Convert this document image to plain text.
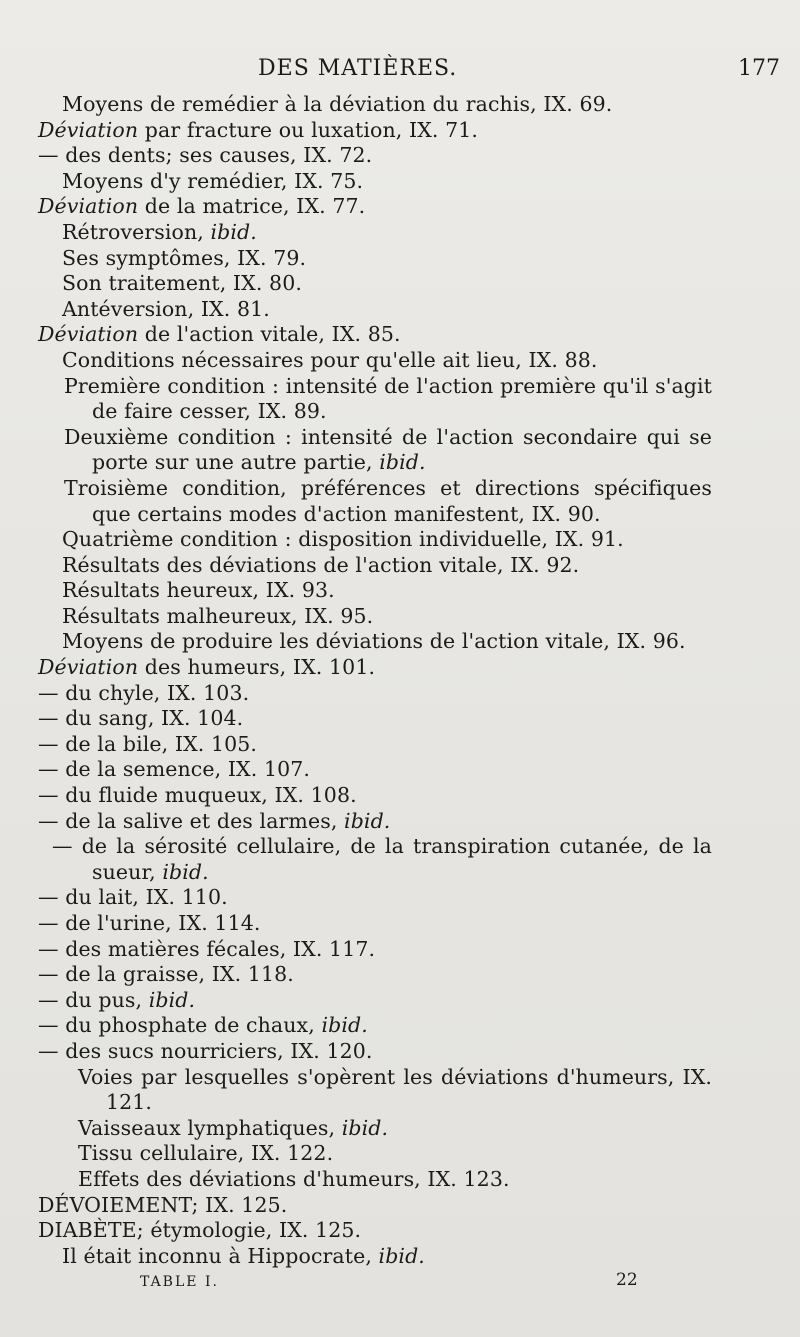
DES MATIÈRES.	177
Moyens de remédier à la déviation du rachis, IX. 69.
Déviation par fracture ou luxation, IX. 71.
— des dents; ses causes, IX. 72.
Moyens d'y remédier, IX. 75.
Déviation de la matrice, IX. 77.
Rétroversion, ibid.
Ses symptômes, IX. 79.
Son traitement, IX. 80.
Antéversion, IX. 81.
Déviation de l'action vitale, IX. 85.
Conditions nécessaires pour qu'elle ait lieu, IX. 88.
Première condition : intensité de l'action première qu'il s'agit de faire cesser, IX. 89.
Deuxième condition : intensité de l'action secondaire qui se porte sur une autre partie, ibid.
Troisième condition, préférences et directions spécifiques que certains modes d'action manifestent, IX. 90.
Quatrième condition : disposition individuelle, IX. 91.
Résultats des déviations de l'action vitale, IX. 92.
Résultats heureux, IX. 93.
Résultats malheureux, IX. 95.
Moyens de produire les déviations de l'action vitale, IX. 96.
Déviation des humeurs, IX. 101.
— du chyle, IX. 103.
— du sang, IX. 104.
— de la bile, IX. 105.
— de la semence, IX. 107.
— du fluide muqueux, IX. 108.
— de la salive et des larmes, ibid.
— de la sérosité cellulaire, de la transpiration cutanée, de la sueur, ibid.
— du lait, IX. 110.
— de l'urine, IX. 114.
— des matières fécales, IX. 117.
— de la graisse, IX. 118.
— du pus, ibid.
— du phosphate de chaux, ibid.
— des sucs nourriciers, IX. 120.
Voies par lesquelles s'opèrent les déviations d'humeurs, IX. 121.
Vaisseaux lymphatiques, ibid.
Tissu cellulaire, IX. 122.
Effets des déviations d'humeurs, IX. 123.
DÉVOIEMENT; IX. 125.
DIABÈTE; étymologie, IX. 125.
Il était inconnu à Hippocrate, ibid.
TABLE I.	22
